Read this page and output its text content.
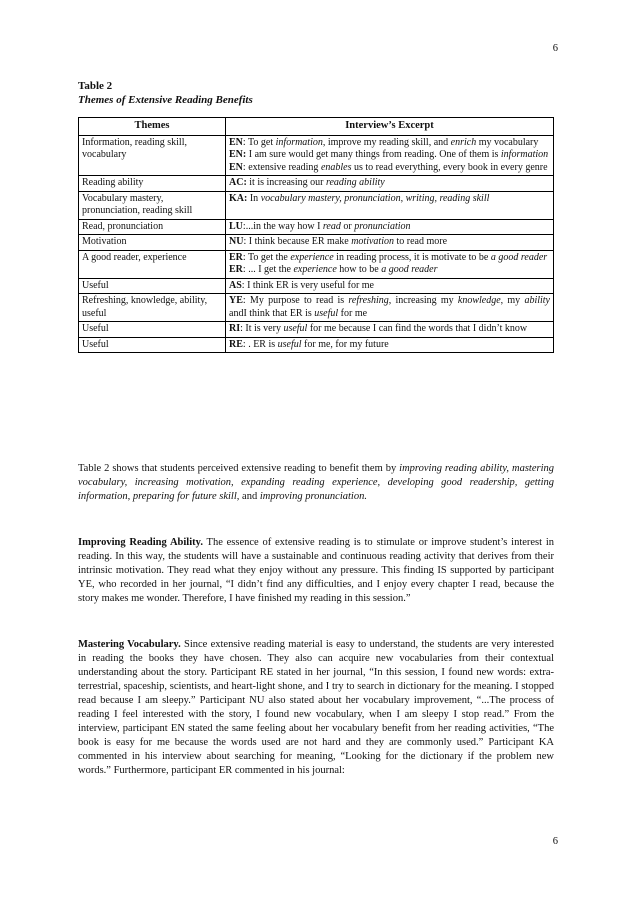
6
Table 2
Themes of Extensive Reading Benefits
Themes	Interview’s Excerpt
Information, reading skill, vocabulary	EN: To get information, improve my reading skill, and enrich my vocabulary
EN: I am sure would get many things from reading. One of them is information
EN: extensive reading enables us to read everything, every book in every genre

Reading ability	AC: it is increasing our reading ability

Vocabulary mastery, pronunciation, reading skill	KA: In vocabulary mastery, pronunciation, writing, reading skill

Read, pronunciation	LU:...in the way how I read or pronunciation

Motivation	NU: I think because ER make motivation to read more

A good reader, experience	ER: To get the experience in reading process, it is motivate to be a good reader
ER: ... I get the experience how to be a good reader

Useful	AS: I think ER is very useful for me

Refreshing, knowledge, ability, useful	YE: My purpose to read is refreshing, increasing my knowledge, my ability andI think that ER is useful for me

Useful	RI: It is very useful for me because I can find the words that I didn’t know

Useful	RE: . ER is useful for me, for my future
Table 2 shows that students perceived extensive reading to benefit them by improving reading ability, mastering vocabulary, increasing motivation, expanding reading experience, developing good readership, getting information, preparing for future skill, and improving pronunciation.
Improving Reading Ability. The essence of extensive reading is to stimulate or improve student’s interest in reading. In this way, the students will have a sustainable and continuous reading activity that derives from their intrinsic motivation. They read what they enjoy without any pressure. This finding IS supported by participant YE, who recorded in her journal, “I didn’t find any difficulties, and I enjoy every chapter I read, because the story makes me wonder. Therefore, I have finished my reading in this session.”
Mastering Vocabulary. Since extensive reading material is easy to understand, the students are very interested in reading the books they have chosen. They also can acquire new vocabularies from their contextual understanding about the story. Participant RE stated in her journal, “In this session, I found new words: extra-terrestrial, spaceship, scientists, and heart-light shone, and I try to search in dictionary for the meaning. I stopped read because I am sleepy.” Participant NU also stated about her vocabulary improvement, “...The process of reading I feel interested with the story, I found new vocabulary, when I am sleepy I stop read.” From the interview, participant EN stated the same feeling about her vocabulary benefit from her reading activities, “The book is easy for me because the words used are not hard and they are commonly used.” Participant KA commented in his interview about searching for meaning, “Looking for the dictionary if the problem new words.” Furthermore, participant ER commented in his journal:
6
